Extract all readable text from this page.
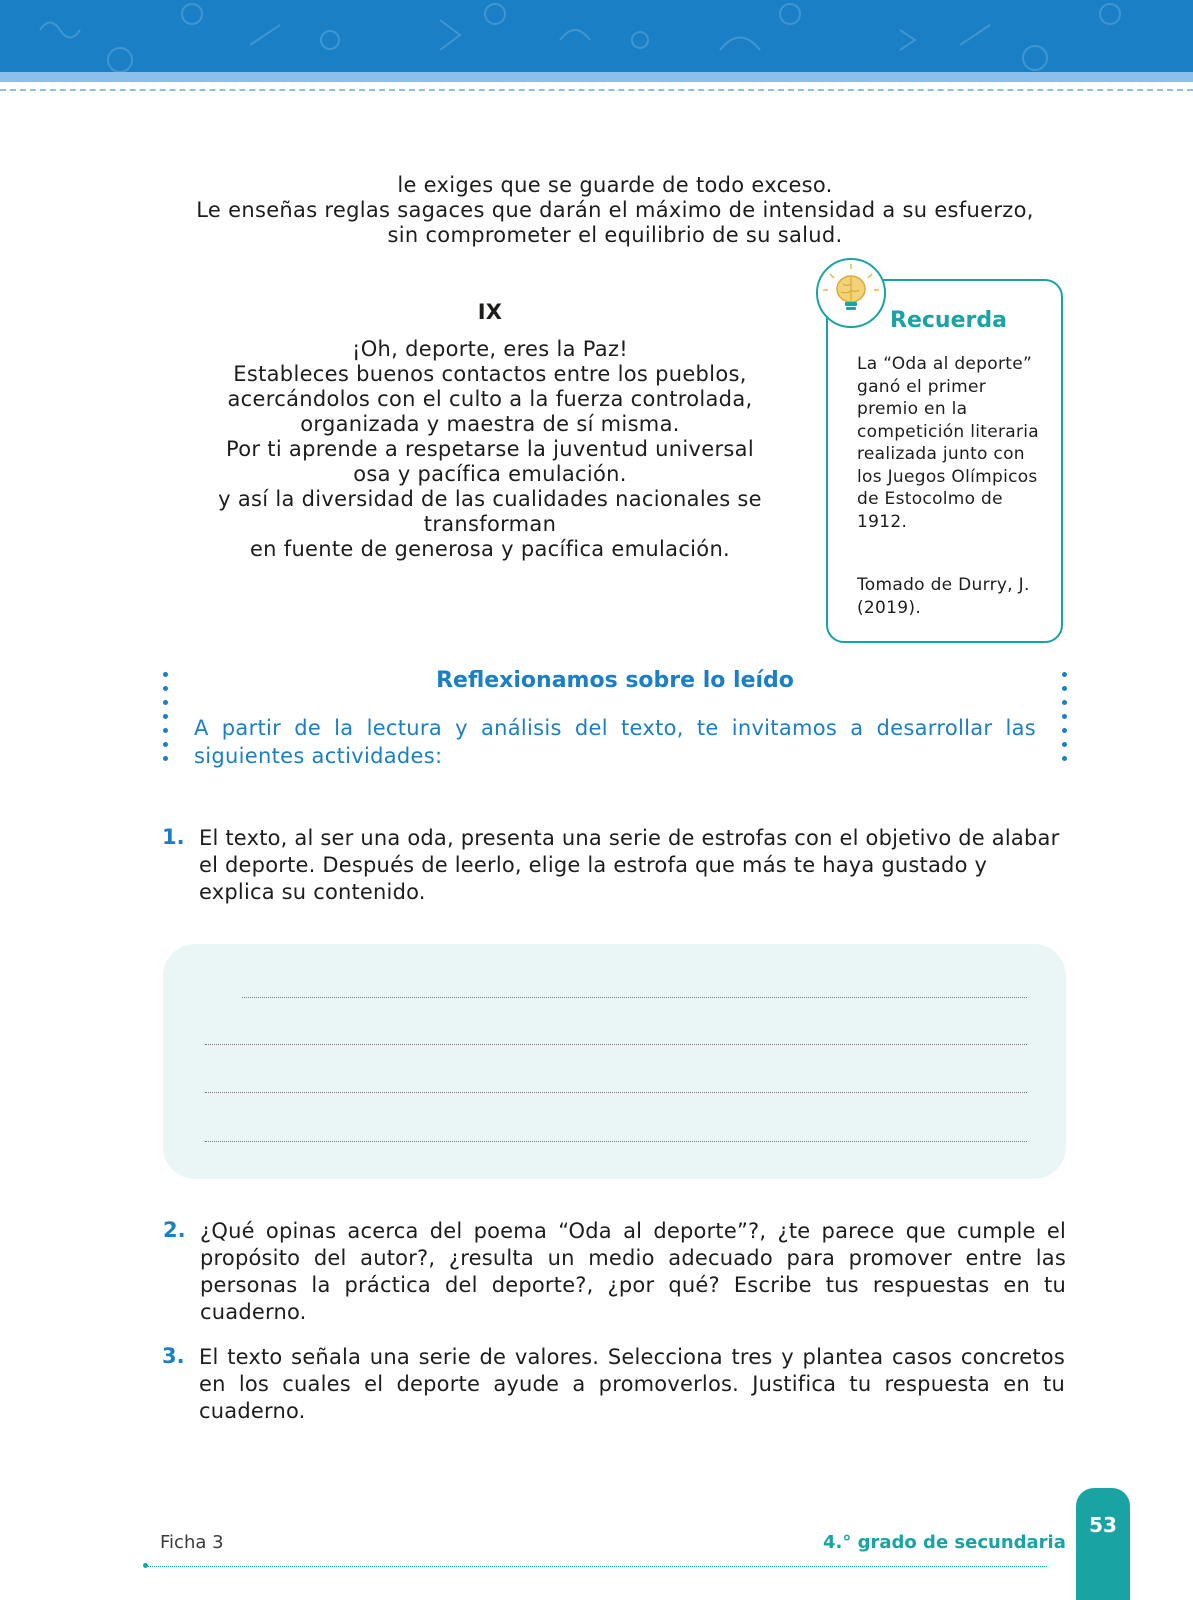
le exiges que se guarde de todo exceso.
Le enseñas reglas sagaces que darán el máximo de intensidad a su esfuerzo,
sin comprometer el equilibrio de su salud.
IX
¡Oh, deporte, eres la Paz!
Estableces buenos contactos entre los pueblos,
acercándolos con el culto a la fuerza controlada,
organizada y maestra de sí misma.
Por ti aprende a respetarse la juventud universal
osa y pacífica emulación.
y así la diversidad de las cualidades nacionales se
transforman
en fuente de generosa y pacífica emulación.
Recuerda
La “Oda al deporte” ganó el primer premio en la competición literaria realizada junto con los Juegos Olímpicos de Estocolmo de 1912.
Tomado de Durry, J. (2019).
Reflexionamos sobre lo leído
A partir de la lectura y análisis del texto, te invitamos a desarrollar las siguientes actividades:
1. El texto, al ser una oda, presenta una serie de estrofas con el objetivo de alabar el deporte. Después de leerlo, elige la estrofa que más te haya gustado y explica su contenido.
2. ¿Qué opinas acerca del poema “Oda al deporte”?, ¿te parece que cumple el propósito del autor?, ¿resulta un medio adecuado para promover entre las personas la práctica del deporte?, ¿por qué? Escribe tus respuestas en tu cuaderno.
3. El texto señala una serie de valores. Selecciona tres y plantea casos concretos en los cuales el deporte ayude a promoverlos. Justifica tu respuesta en tu cuaderno.
Ficha 3	4.° grado de secundaria
53
